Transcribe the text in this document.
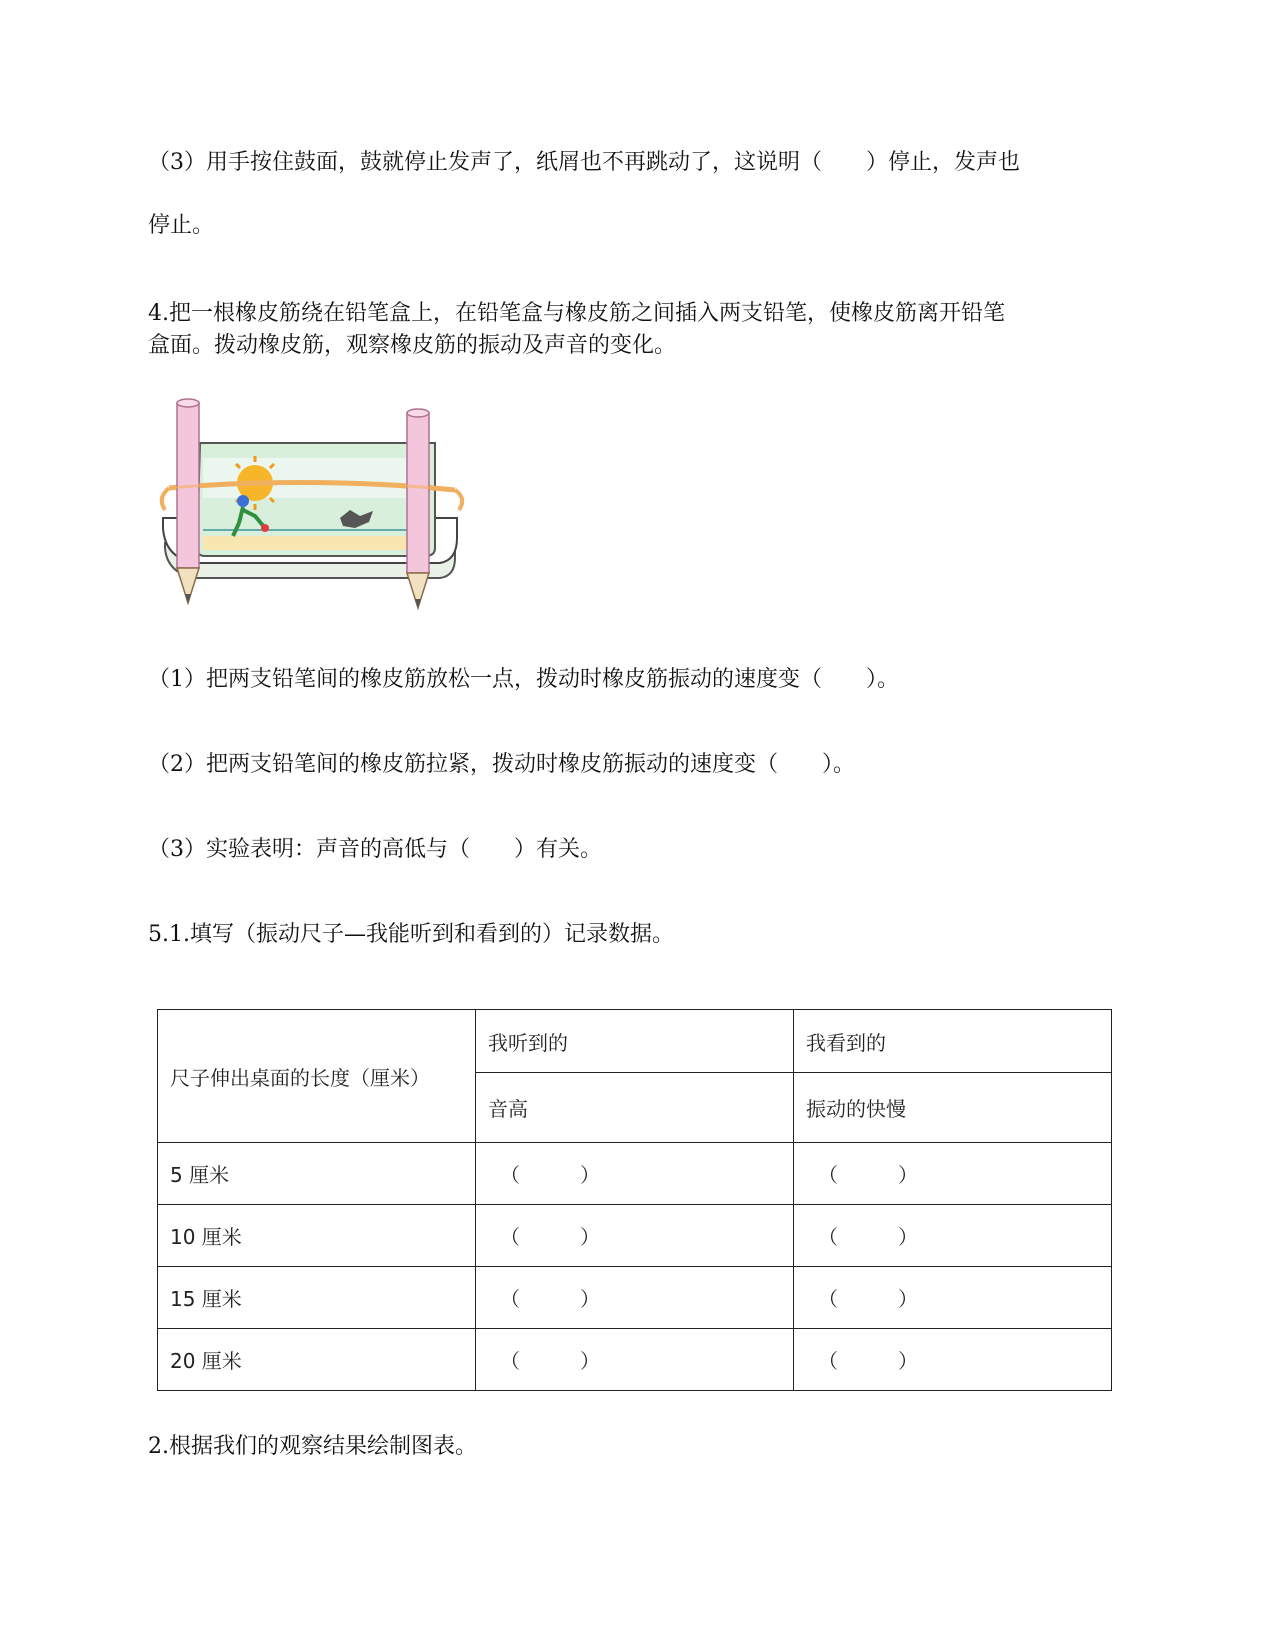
（3）用手按住鼓面，鼓就停止发声了，纸屑也不再跳动了，这说明（　　）停止，发声也
停止。
4.把一根橡皮筋绕在铅笔盒上，在铅笔盒与橡皮筋之间插入两支铅笔，使橡皮筋离开铅笔
盒面。拨动橡皮筋，观察橡皮筋的振动及声音的变化。
（1）把两支铅笔间的橡皮筋放松一点，拨动时橡皮筋振动的速度变（　　）。
（2）把两支铅笔间的橡皮筋拉紧，拨动时橡皮筋振动的速度变（　　）。
（3）实验表明：声音的高低与（　　）有关。
5.1.填写（振动尺子—我能听到和看到的）记录数据。
尺子伸出桌面的长度（厘米）	我听到的	我看到的
	音高	振动的快慢
5 厘米	（　　　）	（　　　）
10 厘米	（　　　）	（　　　）
15 厘米	（　　　）	（　　　）
20 厘米	（　　　）	（　　　）
2.根据我们的观察结果绘制图表。
